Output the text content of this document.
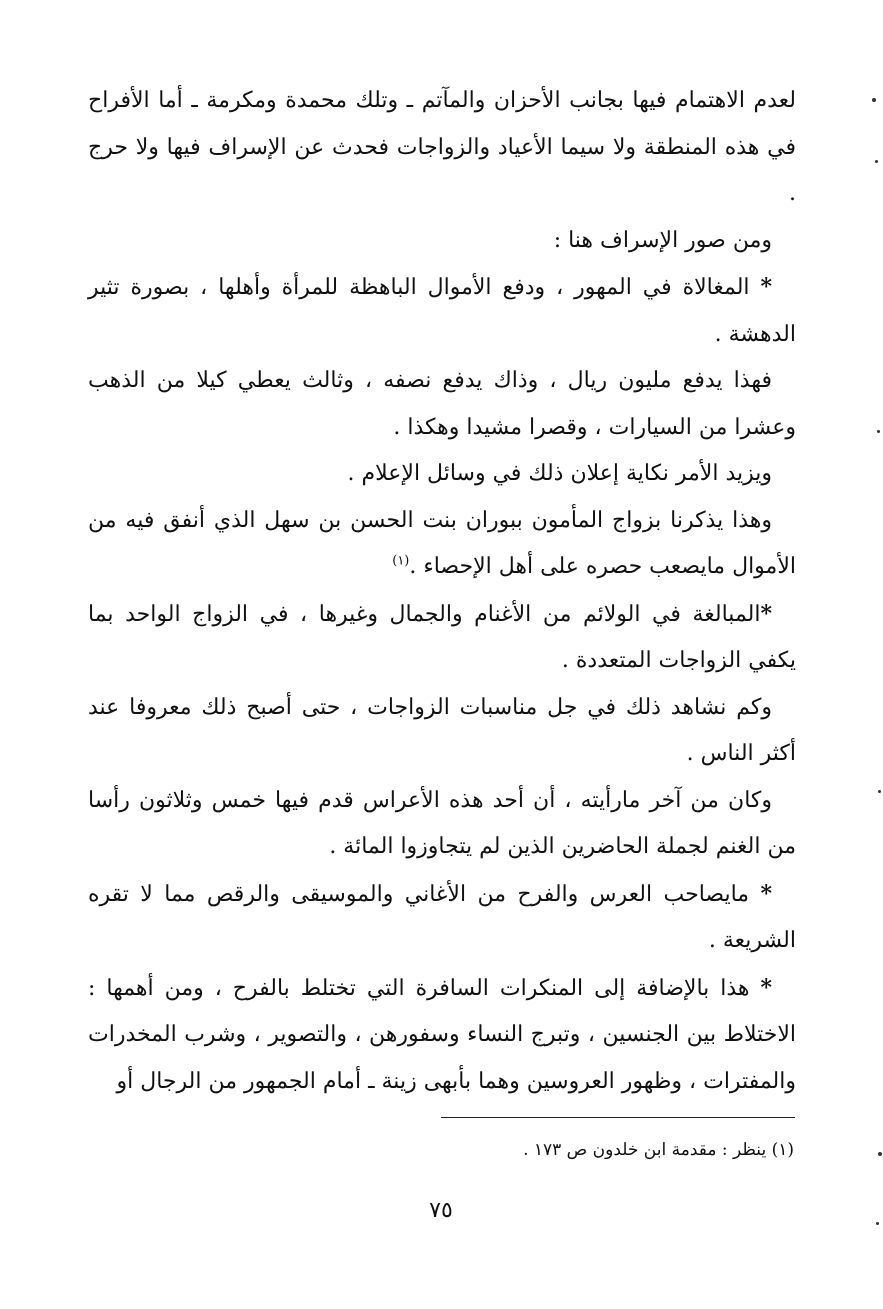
لعدم الاهتمام فيها بجانب الأحزان والمآتم ـ وتلك محمدة ومكرمة ـ أما الأفراح في هذه المنطقة ولا سيما الأعياد والزواجات فحدث عن الإسراف فيها ولا حرج .

ومن صور الإسراف هنا :

* المغالاة في المهور ، ودفع الأموال الباهظة للمرأة وأهلها ، بصورة تثير الدهشة .

فهذا يدفع مليون ريال ، وذاك يدفع نصفه ، وثالث يعطي كيلا من الذهب وعشرا من السيارات ، وقصرا مشيدا وهكذا .

ويزيد الأمر نكاية إعلان ذلك في وسائل الإعلام .

وهذا يذكرنا بزواج المأمون ببوران بنت الحسن بن سهل الذي أنفق فيه من الأموال مايصعب حصره على أهل الإحصاء .$^{(١)}$

*المبالغة في الولائم من الأغنام والجمال وغيرها ، في الزواج الواحد بما يكفي الزواجات المتعددة .

وكم نشاهد ذلك في جل مناسبات الزواجات ، حتى أصبح ذلك معروفا عند أكثر الناس .

وكان من آخر مارأيته ، أن أحد هذه الأعراس قدم فيها خمس وثلاثون رأسا من الغنم لجملة الحاضرين الذين لم يتجاوزوا المائة .

* مايصاحب العرس والفرح من الأغاني والموسيقى والرقص مما لا تقره الشريعة .

* هذا بالإضافة إلى المنكرات السافرة التي تختلط بالفرح ، ومن أهمها : الاختلاط بين الجنسين ، وتبرج النساء وسفورهن ، والتصوير ، وشرب المخدرات والمفترات ، وظهور العروسين وهما بأبهى زينة ـ أمام الجمهور من الرجال أو

(١) ينظر : مقدمة ابن خلدون ص ١٧٣ .
٧٥
